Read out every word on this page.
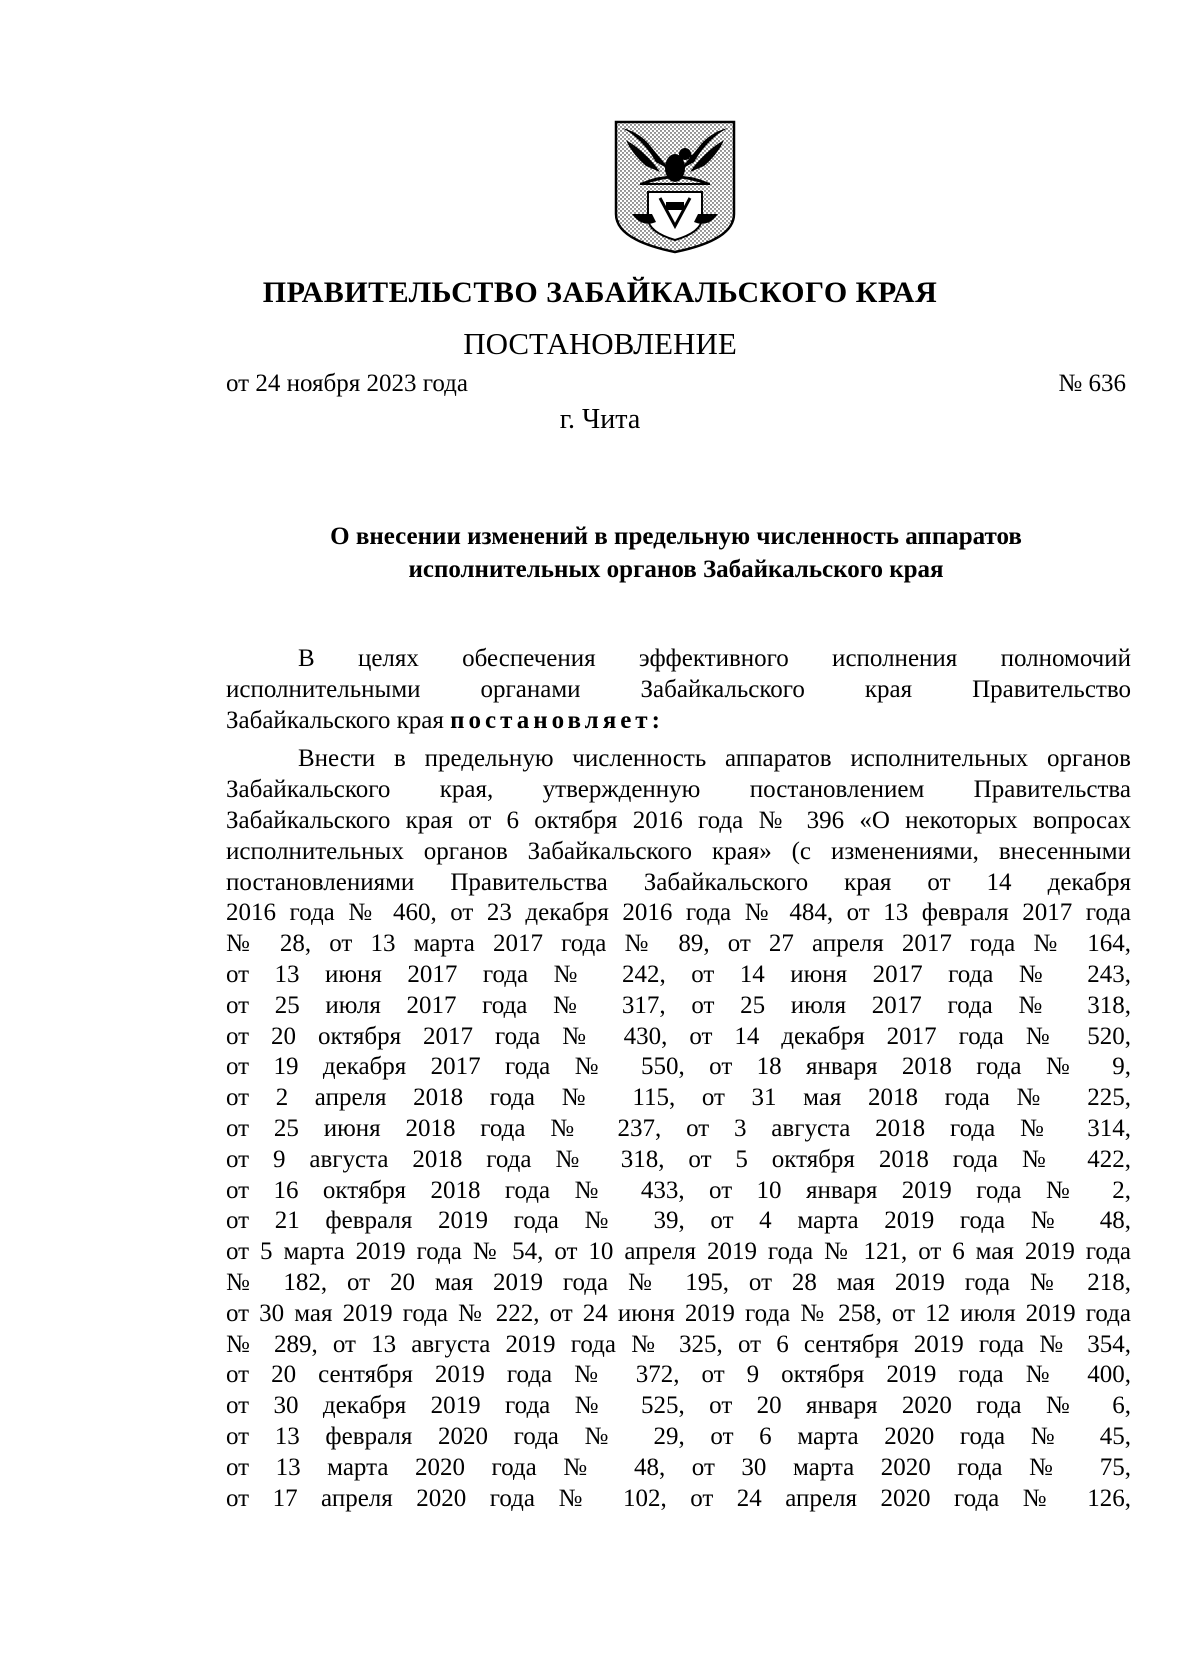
ПРАВИТЕЛЬСТВО ЗАБАЙКАЛЬСКОГО КРАЯ
ПОСТАНОВЛЕНИЕ
от 24 ноября 2023 года	№ 636
г. Чита
О внесении изменений в предельную численность аппаратов
исполнительных органов Забайкальского края
В целях обеспечения эффективного исполнения полномочий
исполнительными органами Забайкальского края Правительство
Забайкальского края постановляет:
Внести в предельную численность аппаратов исполнительных органов
Забайкальского края, утвержденную постановлением Правительства
Забайкальского края от 6 октября 2016 года № 396 «О некоторых вопросах
исполнительных органов Забайкальского края» (с изменениями, внесенными
постановлениями Правительства Забайкальского края от 14 декабря
2016 года № 460, от 23 декабря 2016 года № 484, от 13 февраля 2017 года
№ 28, от 13 марта 2017 года № 89, от 27 апреля 2017 года № 164,
от 13 июня 2017 года № 242, от 14 июня 2017 года № 243,
от 25 июля 2017 года № 317, от 25 июля 2017 года № 318,
от 20 октября 2017 года № 430, от 14 декабря 2017 года № 520,
от 19 декабря 2017 года № 550, от 18 января 2018 года № 9,
от 2 апреля 2018 года № 115, от 31 мая 2018 года № 225,
от 25 июня 2018 года № 237, от 3 августа 2018 года № 314,
от 9 августа 2018 года № 318, от 5 октября 2018 года № 422,
от 16 октября 2018 года № 433, от 10 января 2019 года № 2,
от 21 февраля 2019 года № 39, от 4 марта 2019 года № 48,
от 5 марта 2019 года № 54, от 10 апреля 2019 года № 121, от 6 мая 2019 года
№ 182, от 20 мая 2019 года № 195, от 28 мая 2019 года № 218,
от 30 мая 2019 года № 222, от 24 июня 2019 года № 258, от 12 июля 2019 года
№ 289, от 13 августа 2019 года № 325, от 6 сентября 2019 года № 354,
от 20 сентября 2019 года № 372, от 9 октября 2019 года № 400,
от 30 декабря 2019 года № 525, от 20 января 2020 года № 6,
от 13 февраля 2020 года № 29, от 6 марта 2020 года № 45,
от 13 марта 2020 года № 48, от 30 марта 2020 года № 75,
от 17 апреля 2020 года № 102, от 24 апреля 2020 года № 126,
